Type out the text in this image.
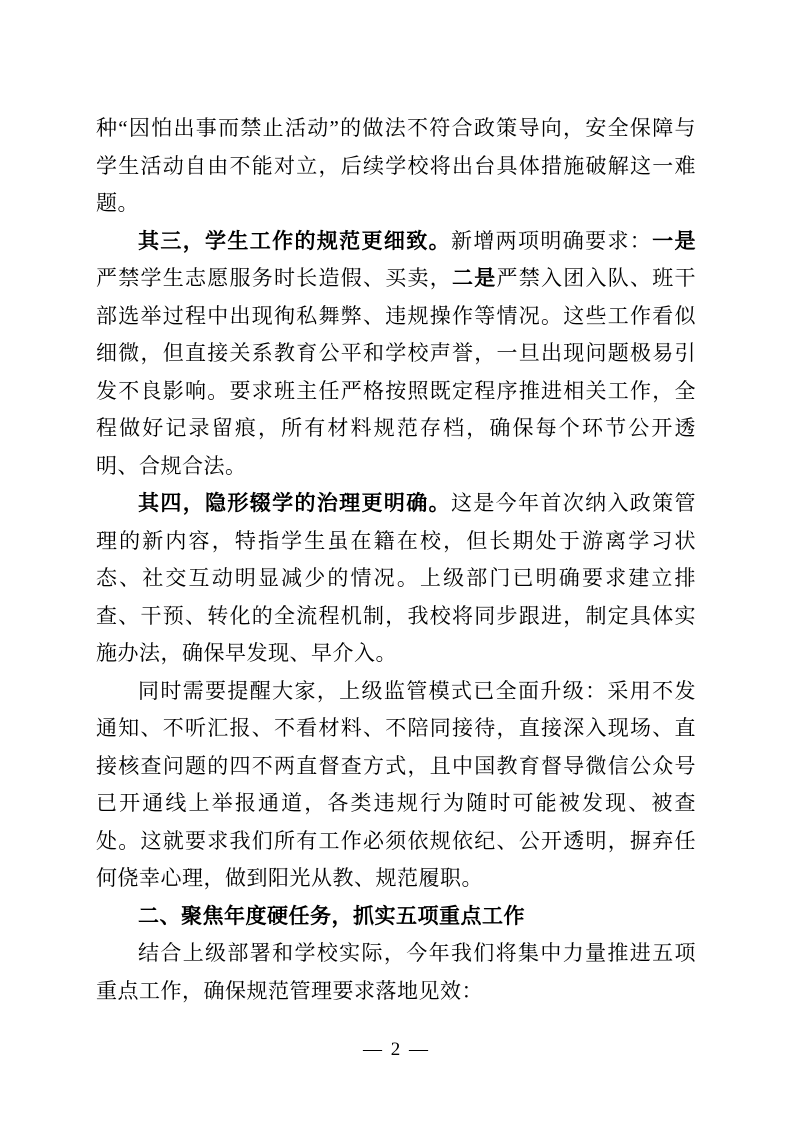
种“因怕出事而禁止活动”的做法不符合政策导向，安全保障与学生活动自由不能对立，后续学校将出台具体措施破解这一难题。

其三，学生工作的规范更细致。新增两项明确要求：一是严禁学生志愿服务时长造假、买卖，二是严禁入团入队、班干部选举过程中出现徇私舞弊、违规操作等情况。这些工作看似细微，但直接关系教育公平和学校声誉，一旦出现问题极易引发不良影响。要求班主任严格按照既定程序推进相关工作，全程做好记录留痕，所有材料规范存档，确保每个环节公开透明、合规合法。

其四，隐形辍学的治理更明确。这是今年首次纳入政策管理的新内容，特指学生虽在籍在校，但长期处于游离学习状态、社交互动明显减少的情况。上级部门已明确要求建立排查、干预、转化的全流程机制，我校将同步跟进，制定具体实施办法，确保早发现、早介入。

同时需要提醒大家，上级监管模式已全面升级：采用不发通知、不听汇报、不看材料、不陪同接待，直接深入现场、直接核查问题的四不两直督查方式，且中国教育督导微信公众号已开通线上举报通道，各类违规行为随时可能被发现、被查处。这就要求我们所有工作必须依规依纪、公开透明，摒弃任何侥幸心理，做到阳光从教、规范履职。

二、聚焦年度硬任务，抓实五项重点工作

结合上级部署和学校实际，今年我们将集中力量推进五项重点工作，确保规范管理要求落地见效：

— 2 —
